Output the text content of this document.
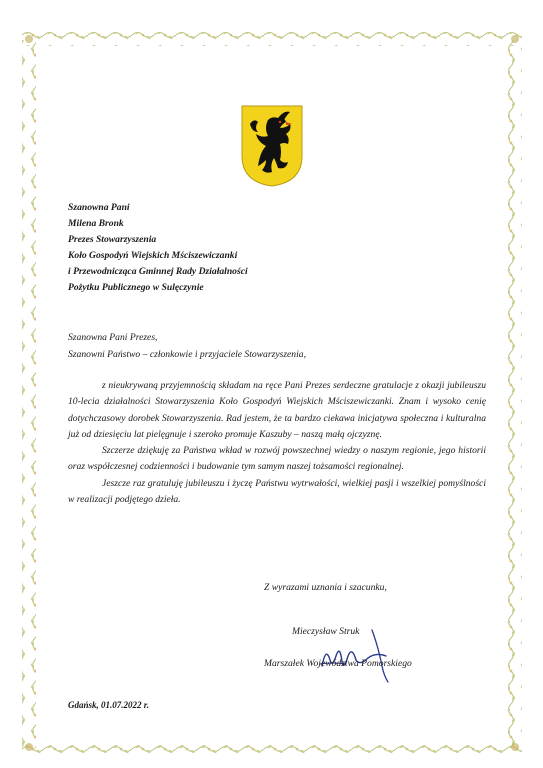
Szanowna Pani
Milena Bronk
Prezes Stowarzyszenia
Koło Gospodyń Wiejskich Mściszewiczanki
i Przewodnicząca Gminnej Rady Działalności
Pożytku Publicznego w Sulęczynie
Szanowna Pani Prezes,
Szanowni Państwo – członkowie i przyjaciele Stowarzyszenia,

z nieukrywaną przyjemnością składam na ręce Pani Prezes serdeczne gratulacje z okazji jubileuszu 10-lecia działalności Stowarzyszenia Koło Gospodyń Wiejskich Mściszewiczanki. Znam i wysoko cenię dotychczasowy dorobek Stowarzyszenia. Rad jestem, że ta bardzo ciekawa inicjatywa społeczna i kulturalna już od dziesięciu lat pielęgnuje i szeroko promuje Kaszuby – naszą małą ojczyznę.

Szczerze dziękuję za Państwa wkład w rozwój powszechnej wiedzy o naszym regionie, jego historii oraz współczesnej codzienności i budowanie tym samym naszej tożsamości regionalnej.

Jeszcze raz gratuluję jubileuszu i życzę Państwu wytrwałości, wielkiej pasji i wszelkiej pomyślności w realizacji podjętego dzieła.

Z wyrazami uznania i szacunku,
Mieczysław Struk
Marszałek Województwa Pomorskiego
Gdańsk, 01.07.2022 r.
